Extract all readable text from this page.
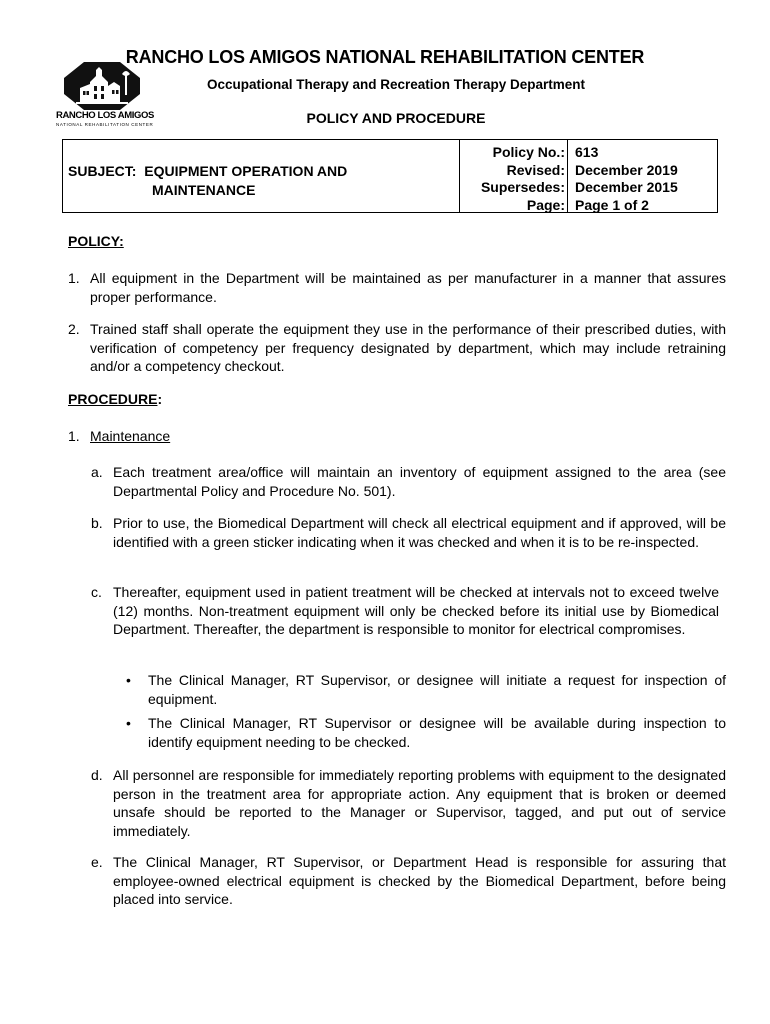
RANCHO LOS AMIGOS
NATIONAL REHABILITATION CENTER
RANCHO LOS AMIGOS NATIONAL REHABILITATION CENTER
Occupational Therapy and Recreation Therapy Department
POLICY AND PROCEDURE
SUBJECT: EQUIPMENT OPERATION AND
MAINTENANCE
Policy No.:
Revised:
Supersedes:
Page:
613
December 2019
December 2015
Page 1 of 2
POLICY:
1. All equipment in the Department will be maintained as per manufacturer in a manner that assures proper performance.
2. Trained staff shall operate the equipment they use in the performance of their prescribed duties, with verification of competency per frequency designated by department, which may include retraining and/or a competency checkout.
PROCEDURE:
1. Maintenance
a. Each treatment area/office will maintain an inventory of equipment assigned to the area (see Departmental Policy and Procedure No. 501).
b. Prior to use, the Biomedical Department will check all electrical equipment and if approved, will be identified with a green sticker indicating when it was checked and when it is to be re-inspected.
c. Thereafter, equipment used in patient treatment will be checked at intervals not to exceed twelve (12) months. Non-treatment equipment will only be checked before its initial use by Biomedical Department. Thereafter, the department is responsible to monitor for electrical compromises.
• The Clinical Manager, RT Supervisor, or designee will initiate a request for inspection of equipment.
• The Clinical Manager, RT Supervisor or designee will be available during inspection to identify equipment needing to be checked.
d. All personnel are responsible for immediately reporting problems with equipment to the designated person in the treatment area for appropriate action. Any equipment that is broken or deemed unsafe should be reported to the Manager or Supervisor, tagged, and put out of service immediately.
e. The Clinical Manager, RT Supervisor, or Department Head is responsible for assuring that employee-owned electrical equipment is checked by the Biomedical Department, before being placed into service.
